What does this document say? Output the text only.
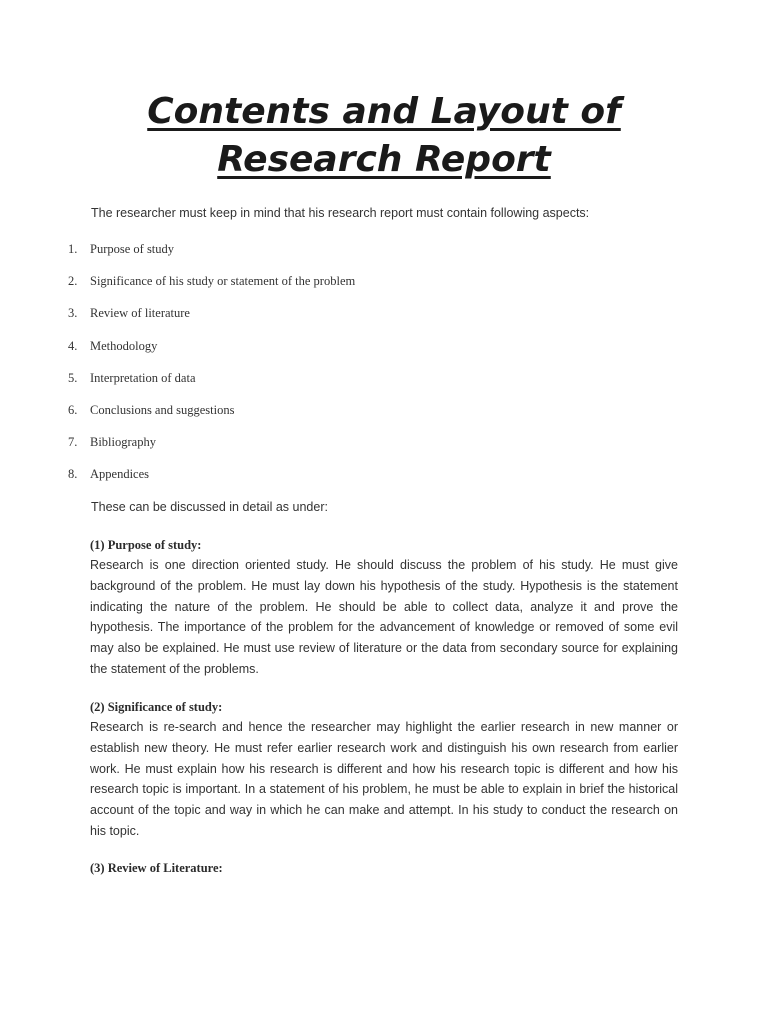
Contents and Layout of
Research Report

The researcher must keep in mind that his research report must contain following aspects:

1. Purpose of study
2. Significance of his study or statement of the problem
3. Review of literature
4. Methodology
5. Interpretation of data
6. Conclusions and suggestions
7. Bibliography
8. Appendices

These can be discussed in detail as under:

(1) Purpose of study:

Research is one direction oriented study. He should discuss the problem of his study. He must give background of the problem. He must lay down his hypothesis of the study. Hypothesis is the statement indicating the nature of the problem. He should be able to collect data, analyze it and prove the hypothesis. The importance of the problem for the advancement of knowledge or removed of some evil may also be explained. He must use review of literature or the data from secondary source for explaining the statement of the problems.

(2) Significance of study:

Research is re-search and hence the researcher may highlight the earlier research in new manner or establish new theory. He must refer earlier research work and distinguish his own research from earlier work. He must explain how his research is different and how his research topic is different and how his research topic is important. In a statement of his problem, he must be able to explain in brief the historical account of the topic and way in which he can make and attempt. In his study to conduct the research on his topic.

(3) Review of Literature:
